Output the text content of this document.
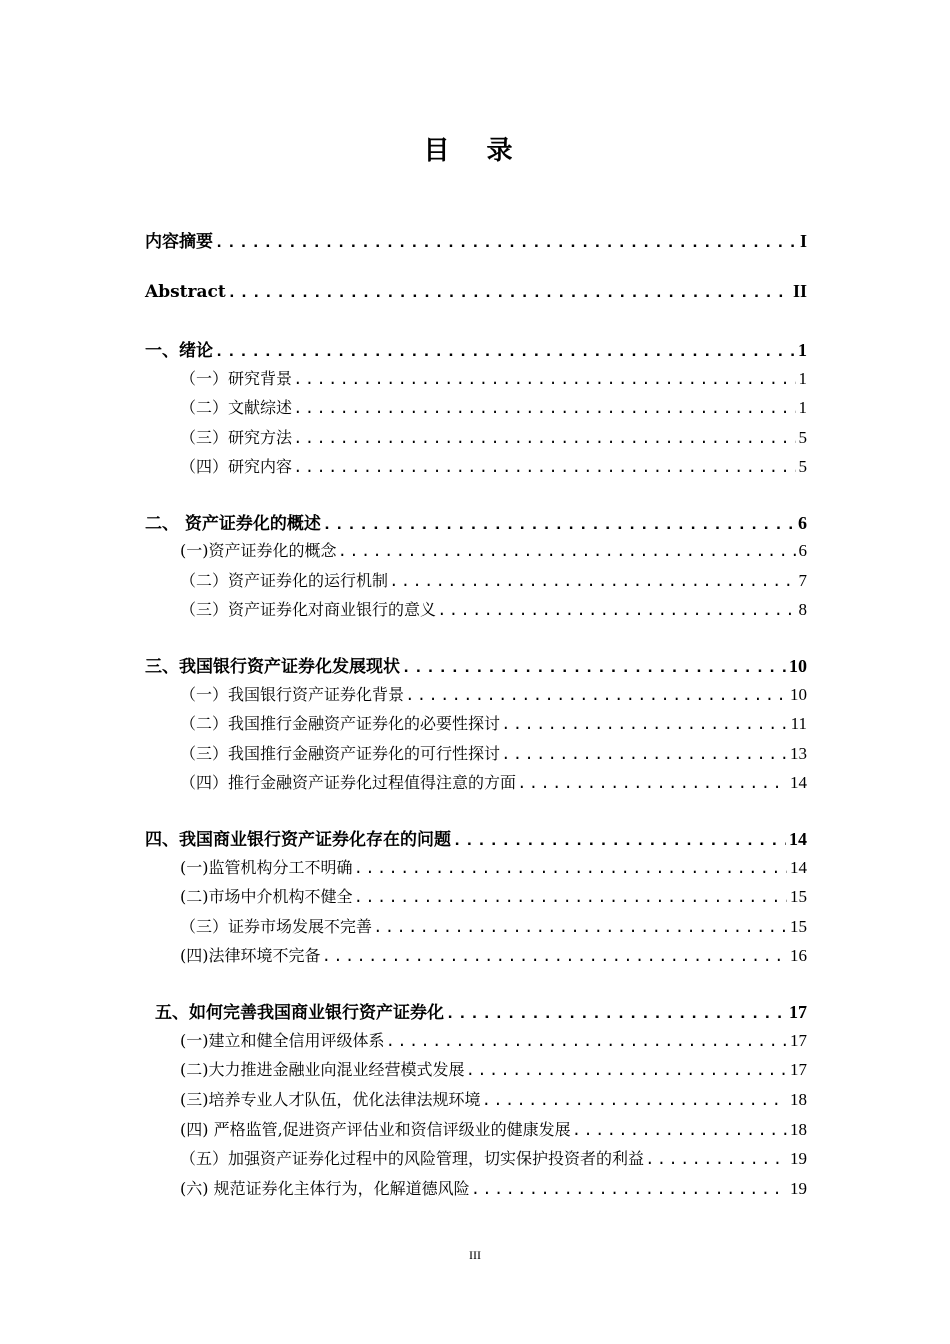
目 录
内容摘要 .....	I
Abstract .....	II
一、绪论 .....	1
（一）研究背景 .....	1
（二）文献综述 .....	1
（三）研究方法 .....	5
（四）研究内容 .....	5
二、 资产证券化的概述 .....	6
(一)资产证券化的概念 .....	6
（二）资产证券化的运行机制 .....	7
（三）资产证券化对商业银行的意义 .....	8
三、我国银行资产证券化发展现状 .....	10
（一）我国银行资产证券化背景 .....	10
（二）我国推行金融资产证券化的必要性探讨 .....	11
（三）我国推行金融资产证券化的可行性探讨 .....	13
（四）推行金融资产证券化过程值得注意的方面 .....	14
四、我国商业银行资产证券化存在的问题 .....	14
(一)监管机构分工不明确 .....	14
(二)市场中介机构不健全 .....	15
（三）证券市场发展不完善 .....	15
(四)法律环境不完备 .....	16
五、如何完善我国商业银行资产证券化 .....	17
(一)建立和健全信用评级体系 .....	17
(二)大力推进金融业向混业经营模式发展 .....	17
(三)培养专业人才队伍，优化法律法规环境 .....	18
(四) 严格监管,促进资产评估业和资信评级业的健康发展 .....	18
（五）加强资产证券化过程中的风险管理，切实保护投资者的利益 .....	19
(六) 规范证券化主体行为，化解道德风险 .....	19
III
